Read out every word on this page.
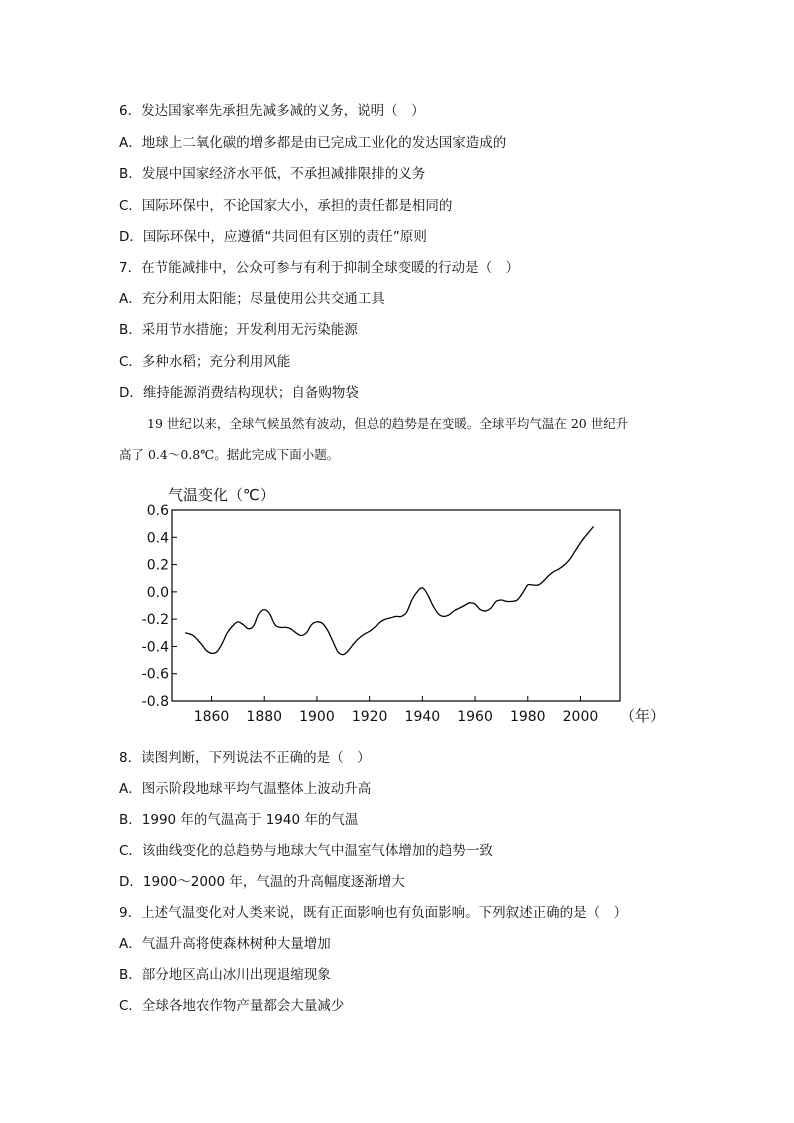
6．发达国家率先承担先减多减的义务，说明（　）
A．地球上二氧化碳的增多都是由已完成工业化的发达国家造成的
B．发展中国家经济水平低，不承担减排限排的义务
C．国际环保中，不论国家大小，承担的责任都是相同的
D．国际环保中，应遵循“共同但有区别的责任”原则
7．在节能减排中，公众可参与有利于抑制全球变暖的行动是（　）
A．充分利用太阳能；尽量使用公共交通工具
B．采用节水措施；开发利用无污染能源
C．多种水稻；充分利用风能
D．维持能源消费结构现状；自备购物袋
19 世纪以来，全球气候虽然有波动，但总的趋势是在变暖。全球平均气温在 20 世纪升
高了 0.4～0.8℃。据此完成下面小题。
气温变化（℃）
0.6
0.4
0.2
0.0
-0.2
-0.4
-0.6
-0.8
1860 1880 1900 1920 1940 1960 1980 2000 （年）
8．读图判断，下列说法不正确的是（　）
A．图示阶段地球平均气温整体上波动升高
B．1990 年的气温高于 1940 年的气温
C．该曲线变化的总趋势与地球大气中温室气体增加的趋势一致
D．1900～2000 年，气温的升高幅度逐渐增大
9．上述气温变化对人类来说，既有正面影响也有负面影响。下列叙述正确的是（　）
A．气温升高将使森林树种大量增加
B．部分地区高山冰川出现退缩现象
C．全球各地农作物产量都会大量减少
